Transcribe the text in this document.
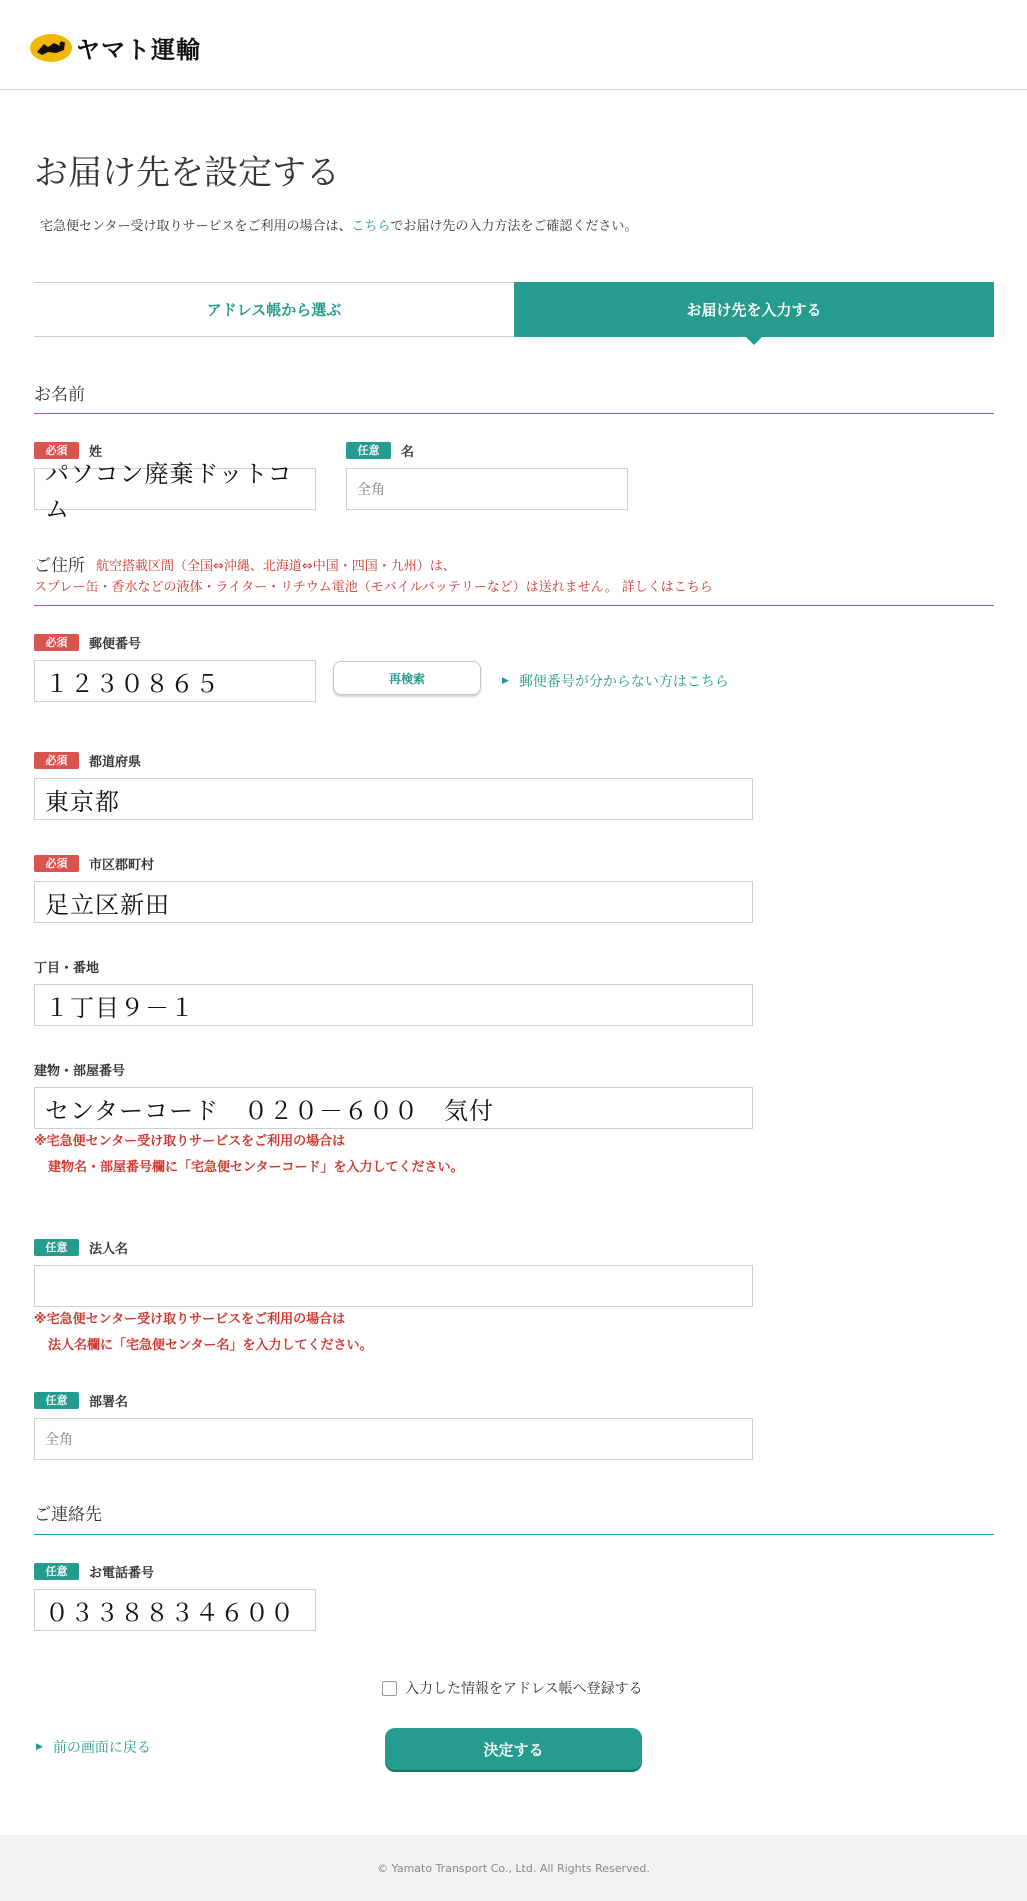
ヤマト運輸
お届け先を設定する

宅急便センター受け取りサービスをご利用の場合は、こちらでお届け先の入力方法をご確認ください。

アドレス帳から選ぶ	お届け先を入力する
お名前
必須	姓
パソコン廃棄ドットコム
任意	名
全角
ご住所 航空搭載区間（全国⇔沖縄、北海道⇔中国・四国・九州）は、
スプレー缶・香水などの液体・ライター・リチウム電池（モバイルバッテリーなど）は送れません。 詳しくはこちら
必須	郵便番号
１２３０８６５	再検索	▶ 郵便番号が分からない方はこちら
必須	都道府県
東京都
必須	市区郡町村
足立区新田
丁目・番地
１丁目９－１
建物・部屋番号
センターコード　０２０－６００　気付
※宅急便センター受け取りサービスをご利用の場合は
建物名・部屋番号欄に「宅急便センターコード」を入力してください。
任意	法人名
※宅急便センター受け取りサービスをご利用の場合は
法人名欄に「宅急便センター名」を入力してください。
任意	部署名
全角
ご連絡先
任意	お電話番号
０３３８８３４６００
入力した情報をアドレス帳へ登録する
▶ 前の画面に戻る	決定する
© Yamato Transport Co., Ltd. All Rights Reserved.
